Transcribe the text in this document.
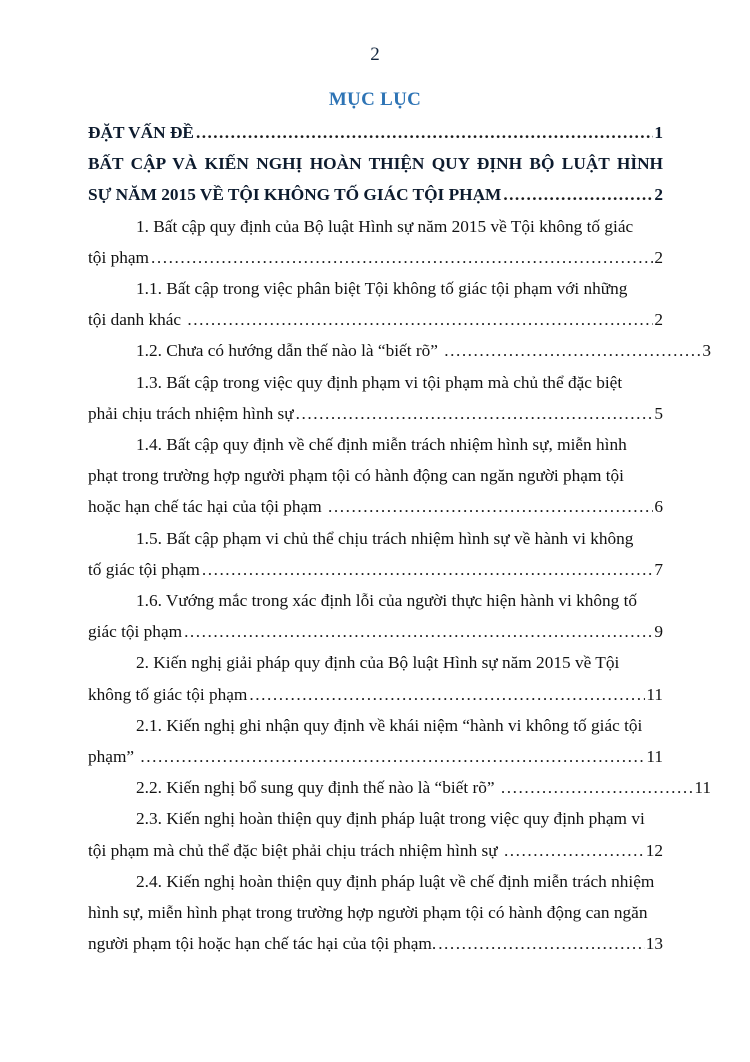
2
MỤC LỤC
ĐẶT VẤN ĐỀ .....	1
BẤT CẬP VÀ KIẾN NGHỊ HOÀN THIỆN QUY ĐỊNH BỘ LUẬT HÌNH
SỰ NĂM 2015 VỀ TỘI KHÔNG TỐ GIÁC TỘI PHẠM .....	2
1. Bất cập quy định của Bộ luật Hình sự năm 2015 về Tội không tố giác
tội phạm .....	2
1.1. Bất cập trong việc phân biệt Tội không tố giác tội phạm với những
tội danh khác .....	2
1.2. Chưa có hướng dẫn thế nào là “biết rõ” .....	3
1.3. Bất cập trong việc quy định phạm vi tội phạm mà chủ thể đặc biệt
phải chịu trách nhiệm hình sự .....	5
1.4. Bất cập quy định về chế định miễn trách nhiệm hình sự, miễn hình
phạt trong trường hợp người phạm tội có hành động can ngăn người phạm tội
hoặc hạn chế tác hại của tội phạm .....	6
1.5. Bất cập phạm vi chủ thể chịu trách nhiệm hình sự về hành vi không
tố giác tội phạm .....	7
1.6. Vướng mắc trong xác định lỗi của người thực hiện hành vi không tố
giác tội phạm .....	9
2. Kiến nghị giải pháp quy định của Bộ luật Hình sự năm 2015 về Tội
không tố giác tội phạm .....	11
2.1. Kiến nghị ghi nhận quy định về khái niệm “hành vi không tố giác tội
phạm” .....	11
2.2. Kiến nghị bổ sung quy định thế nào là “biết rõ” .....	11
2.3. Kiến nghị hoàn thiện quy định pháp luật trong việc quy định phạm vi
tội phạm mà chủ thể đặc biệt phải chịu trách nhiệm hình sự .....	12
2.4. Kiến nghị hoàn thiện quy định pháp luật về chế định miễn trách nhiệm
hình sự, miễn hình phạt trong trường hợp người phạm tội có hành động can ngăn
người phạm tội hoặc hạn chế tác hại của tội phạm. .....	13
